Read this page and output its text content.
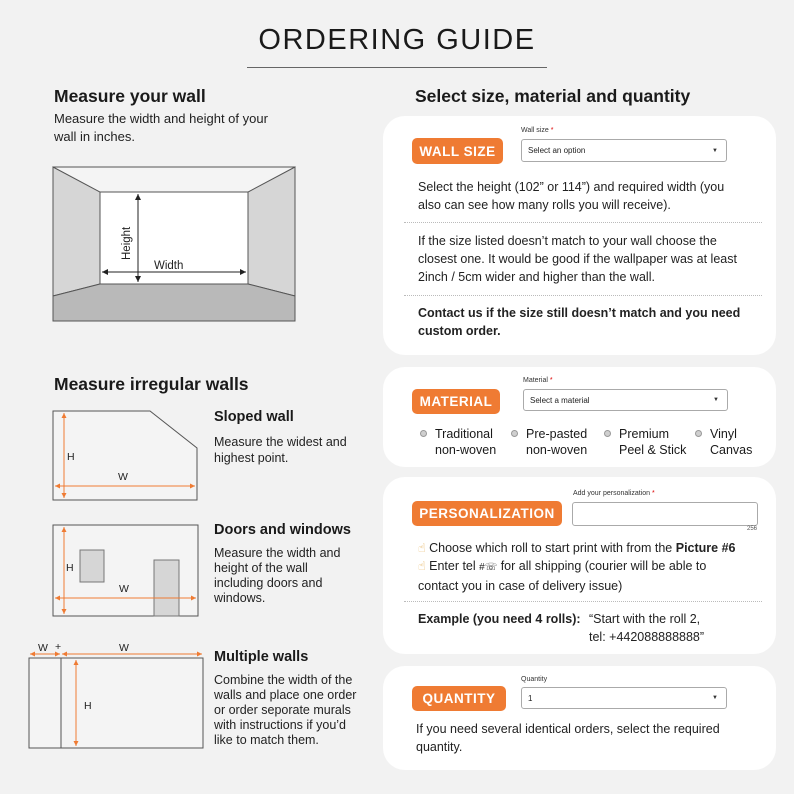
ORDERING GUIDE
Measure your wall
Measure the width and height of your
wall in inches.
Height
Width
Measure irregular walls
H
W
Sloped wall
Measure the widest and
highest point.
H
W
Doors and windows
Measure the width and
height of the wall
including doors and
windows.
W +	W
H
Multiple walls
Combine the width of the
walls and place one order
or order seporate murals
with instructions if you’d
like to match them.
Select size, material and quantity
WALL SIZE
Wall size *
Select an option	▼
Select the height (102” or 114”) and required width (you
also can see how many rolls you will receive).
If the size listed doesn’t match to your wall choose the
closest one. It would be good if the wallpaper was at least
2inch / 5cm wider and higher than the wall.
Contact us if the size still doesn’t match and you need
custom order.
MATERIAL
Material *
Select a material	▼
Traditional
non-woven
Pre-pasted
non-woven
Premium
Peel & Stick
Vinyl
Canvas
PERSONALIZATION
Add your personalization *
256
☝ Choose which roll to start print with from the Picture #6
☝ Enter tel #☏ for all shipping (courier will be able to
contact you in case of delivery issue)
Example (you need 4 rolls): “Start with the roll 2,
tel: +442088888888”
QUANTITY
Quantity
1	▼
If you need several identical orders, select the required
quantity.
